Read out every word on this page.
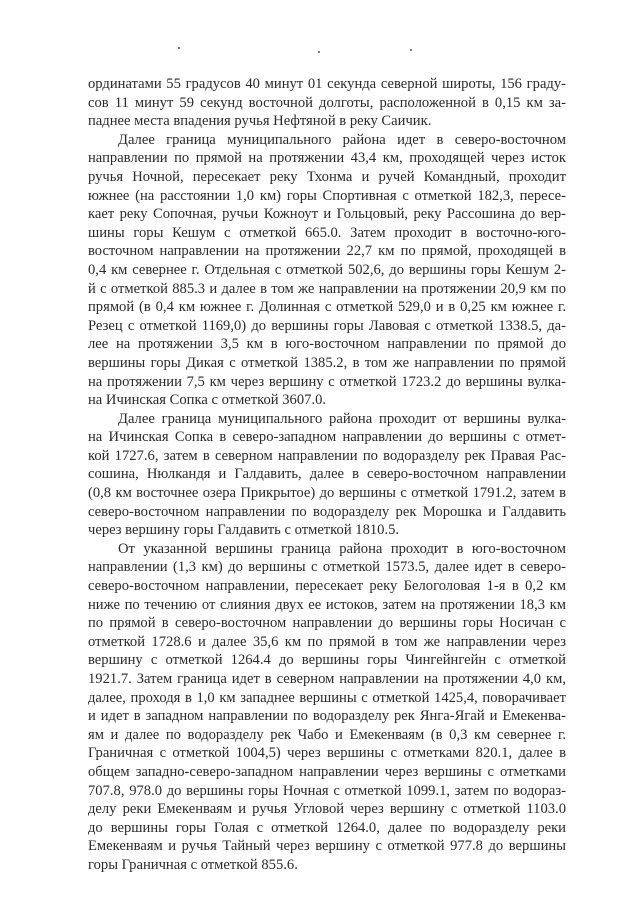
ординатами 55 градусов 40 минут 01 секунда северной широты, 156 граду-
сов 11 минут 59 секунд восточной долготы, расположенной в 0,15 км за-
паднее места впадения ручья Нефтяной в реку Саичик.
Далее граница муниципального района идет в северо-восточном
направлении по прямой на протяжении 43,4 км, проходящей через исток
ручья Ночной, пересекает реку Тхонма и ручей Командный, проходит
южнее (на расстоянии 1,0 км) горы Спортивная с отметкой 182,3, пересе-
кает реку Сопочная, ручьи Кожноут и Гольцовый, реку Рассошина до вер-
шины горы Кешум с отметкой 665.0. Затем проходит в восточно-юго-
восточном направлении на протяжении 22,7 км по прямой, проходящей в
0,4 км севернее г. Отдельная с отметкой 502,6, до вершины горы Кешум 2-
й с отметкой 885.3 и далее в том же направлении на протяжении 20,9 км по
прямой (в 0,4 км южнее г. Долинная с отметкой 529,0 и в 0,25 км южнее г.
Резец с отметкой 1169,0) до вершины горы Лавовая с отметкой 1338.5, да-
лее на протяжении 3,5 км в юго-восточном направлении по прямой до
вершины горы Дикая с отметкой 1385.2, в том же направлении по прямой
на протяжении 7,5 км через вершину с отметкой 1723.2 до вершины вулка-
на Ичинская Сопка с отметкой 3607.0.
Далее граница муниципального района проходит от вершины вулка-
на Ичинская Сопка в северо-западном направлении до вершины с отмет-
кой 1727.6, затем в северном направлении по водоразделу рек Правая Рас-
сошина, Нюлкандя и Галдавить, далее в северо-восточном направлении
(0,8 км восточнее озера Прикрытое) до вершины с отметкой 1791.2, затем в
северо-восточном направлении по водоразделу рек Морошка и Галдавить
через вершину горы Галдавить с отметкой 1810.5.
От указанной вершины граница района проходит в юго-восточном
направлении (1,3 км) до вершины с отметкой 1573.5, далее идет в северо-
северо-восточном направлении, пересекает реку Белоголовая 1-я в 0,2 км
ниже по течению от слияния двух ее истоков, затем на протяжении 18,3 км
по прямой в северо-восточном направлении до вершины горы Носичан с
отметкой 1728.6 и далее 35,6 км по прямой в том же направлении через
вершину с отметкой 1264.4 до вершины горы Чингейнгейн с отметкой
1921.7. Затем граница идет в северном направлении на протяжении 4,0 км,
далее, проходя в 1,0 км западнее вершины с отметкой 1425,4, поворачивает
и идет в западном направлении по водоразделу рек Янга-Ягай и Емекенва-
ям и далее по водоразделу рек Чабо и Емекенваям (в 0,3 км севернее г.
Граничная с отметкой 1004,5) через вершины с отметками 820.1, далее в
общем западно-северо-западном направлении через вершины с отметками
707.8, 978.0 до вершины горы Ночная с отметкой 1099.1, затем по водораз-
делу реки Емекенваям и ручья Угловой через вершину с отметкой 1103.0
до вершины горы Голая с отметкой 1264.0, далее по водоразделу реки
Емекенваям и ручья Тайный через вершину с отметкой 977.8 до вершины
горы Граничная с отметкой 855.6.
